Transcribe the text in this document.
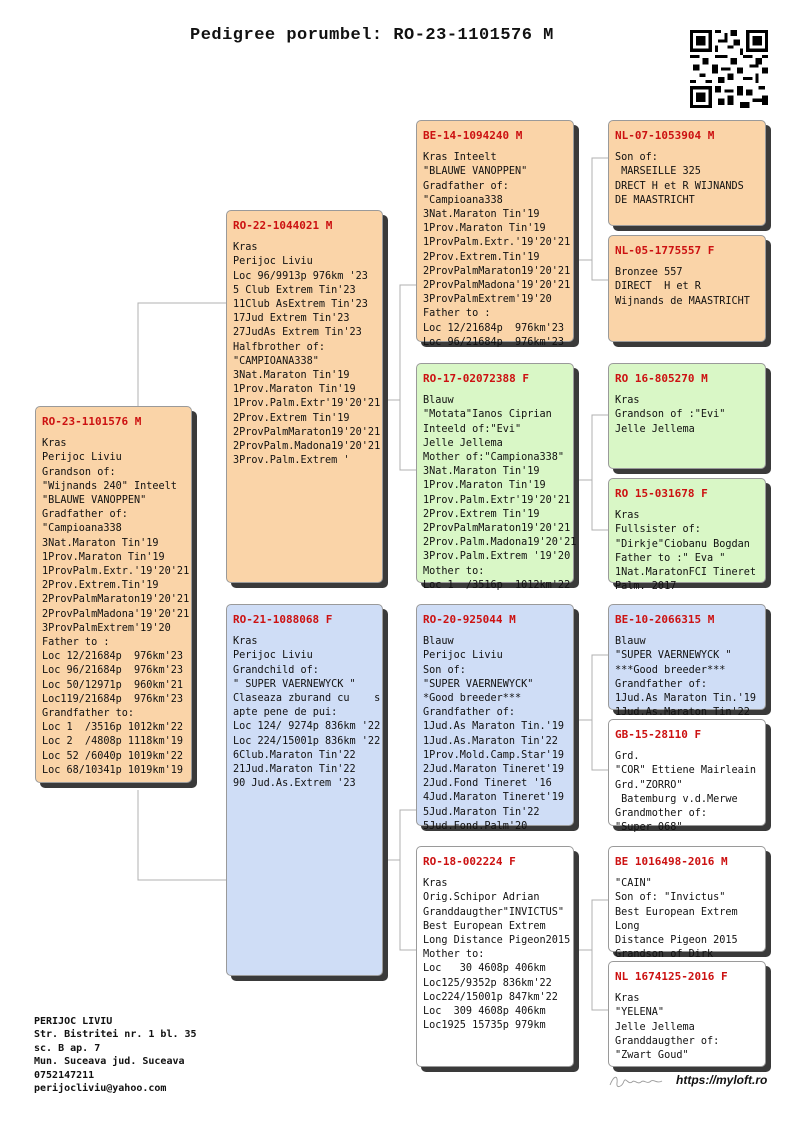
Pedigree porumbel: RO-23-1101576 M
RO-23-1101576 M
Kras
Perijoc Liviu
Grandson of:
"Wijnands 240" Inteelt
"BLAUWE VANOPPEN"
Gradfather of:
"Campioana338
3Nat.Maraton Tin'19
1Prov.Maraton Tin'19
1ProvPalm.Extr.'19'20'21
2Prov.Extrem.Tin'19
2ProvPalmMaraton19'20'21
2ProvPalmMadona'19'20'21
3ProvPalmExtrem'19'20
Father to :
Loc 12/21684p  976km'23
Loc 96/21684p  976km'23
Loc 50/12971p  960km'21
Loc119/21684p  976km'23
Grandfather to:
Loc 1  /3516p 1012km'22
Loc 2  /4808p 1118km'19
Loc 52 /6040p 1019km'22
Loc 68/10341p 1019km'19
RO-22-1044021 M
Kras
Perijoc Liviu
Loc 96/9913p 976km '23
5 Club Extrem Tin'23
11Club AsExtrem Tin'23
17Jud Extrem Tin'23
27JudAs Extrem Tin'23
Halfbrother of:
"CAMPIOANA338"
3Nat.Maraton Tin'19
1Prov.Maraton Tin'19
1Prov.Palm.Extr'19'20'21
2Prov.Extrem Tin'19
2ProvPalmMaraton19'20'21
2ProvPalm.Madona19'20'21
3Prov.Palm.Extrem '
RO-21-1088068 F
Kras
Perijoc Liviu
Grandchild of:
" SUPER VAERNEWYCK "
Claseaza zburand cu    s
apte pene de pui:
Loc 124/ 9274p 836km '22
Loc 224/15001p 836km '22
6Club.Maraton Tin'22
21Jud.Maraton Tin'22
90 Jud.As.Extrem '23
BE-14-1094240 M
Kras Inteelt
"BLAUWE VANOPPEN"
Gradfather of:
"Campioana338
3Nat.Maraton Tin'19
1Prov.Maraton Tin'19
1ProvPalm.Extr.'19'20'21
2Prov.Extrem.Tin'19
2ProvPalmMaraton19'20'21
2ProvPalmMadona'19'20'21
3ProvPalmExtrem'19'20
Father to :
Loc 12/21684p  976km'23
Loc 96/21684p  976km'23
RO-17-02072388 F
Blauw
"Motata"Ianos Ciprian
Inteeld of:"Evi"
Jelle Jellema
Mother of:"Campiona338"
3Nat.Maraton Tin'19
1Prov.Maraton Tin'19
1Prov.Palm.Extr'19'20'21
2Prov.Extrem Tin'19
2ProvPalmMaraton19'20'21
2Prov.Palm.Madona19'20'21
3Prov.Palm.Extrem '19'20
Mother to:
Loc 1  /3516p  1012km'22
RO-20-925044 M
Blauw
Perijoc Liviu
Son of:
"SUPER VAERNEWYCK"
*Good breeder***
Grandfather of:
1Jud.As Maraton Tin.'19
1Jud.As.Maraton Tin'22
1Prov.Mold.Camp.Star'19
2Jud.Maraton Tineret'19
2Jud.Fond Tineret '16
4Jud.Maraton Tineret'19
5Jud.Maraton Tin'22
5Jud.Fond.Palm'20
RO-18-002224 F
Kras
Orig.Schipor Adrian
Granddaugther"INVICTUS"
Best European Extrem
Long Distance Pigeon2015
Mother to:
Loc   30 4608p 406km
Loc125/9352p 836km'22
Loc224/15001p 847km'22
Loc  309 4608p 406km
Loc1925 15735p 979km
NL-07-1053904 M
Son of:
MARSEILLE 325
DRECT H et R WIJNANDS
DE MAASTRICHT
NL-05-1775557 F
Bronzee 557
DIRECT  H et R
Wijnands de MAASTRICHT
RO 16-805270 M
Kras
Grandson of :"Evi"
Jelle Jellema
RO 15-031678 F
Kras
Fullsister of:
"Dirkje"Ciobanu Bogdan
Father to :" Eva "
1Nat.MaratonFCI Tineret
Palm. 2017
BE-10-2066315 M
Blauw
"SUPER VAERNEWYCK "
***Good breeder***
Grandfather of:
1Jud.As Maraton Tin.'19
1Jud.As.Maraton Tin'22
GB-15-28110 F
Grd.
"COR" Ettiene Mairleain
Grd."ZORRO"
Batemburg v.d.Merwe
Grandmother of:
"Super 068"
BE 1016498-2016 M
"CAIN"
Son of: "Invictus"
Best European Extrem
Long
Distance Pigeon 2015
Grandson of Dirk
NL 1674125-2016 F
Kras
"YELENA"
Jelle Jellema
Granddaugther of:
"Zwart Goud"
PERIJOC LIVIU
Str. Bistritei nr. 1 bl. 35
sc. B ap. 7
Mun. Suceava jud. Suceava
0752147211
perijocliviu@yahoo.com
https://myloft.ro
